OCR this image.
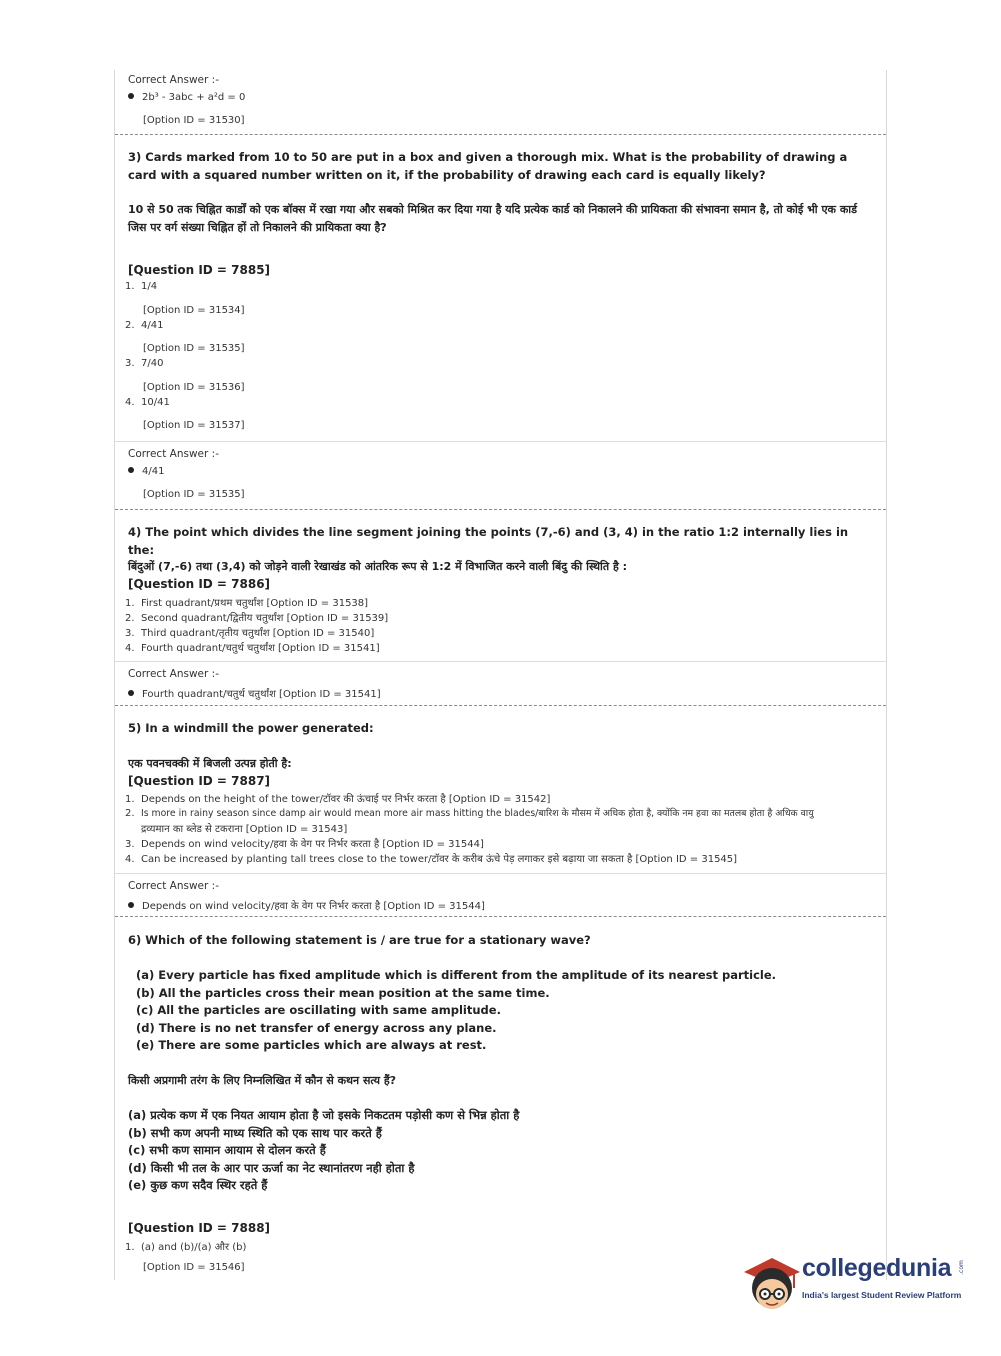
Correct Answer :-
2b³ - 3abc + a²d = 0
[Option ID = 31530]
3) Cards marked from 10 to 50 are put in a box and given a thorough mix. What is the probability of drawing a card with a squared number written on it, if the probability of drawing each card is equally likely?
10 से 50 तक चिह्नित कार्डों को एक बॉक्स में रखा गया और सबको मिश्रित कर दिया गया है यदि प्रत्येक कार्ड को निकालने की प्रायिकता की संभावना समान है, तो कोई भी एक कार्ड जिस पर वर्ग संख्या चिह्नित हों तो निकालने की प्रायिकता क्या है?
[Question ID = 7885]
1. 1/4
[Option ID = 31534]
2. 4/41
[Option ID = 31535]
3. 7/40
[Option ID = 31536]
4. 10/41
[Option ID = 31537]
Correct Answer :-
4/41
[Option ID = 31535]
4) The point which divides the line segment joining the points (7,-6) and (3, 4) in the ratio 1:2 internally lies in the:
बिंदुओं (7,-6) तथा (3,4) को जोड़ने वाली रेखाखंड को आंतरिक रूप से 1:2 में विभाजित करने वाली बिंदु की स्थिति है :
[Question ID = 7886]
1. First quadrant/प्रथम चतुर्थांश [Option ID = 31538]
2. Second quadrant/द्वितीय चतुर्थांश [Option ID = 31539]
3. Third quadrant/तृतीय चतुर्थांश [Option ID = 31540]
4. Fourth quadrant/चतुर्थ चतुर्थांश [Option ID = 31541]
Correct Answer :-
Fourth quadrant/चतुर्थ चतुर्थांश [Option ID = 31541]
5) In a windmill the power generated:
एक पवनचक्की में बिजली उत्पन्न होती है:
[Question ID = 7887]
1. Depends on the height of the tower/टॉवर की ऊंचाई पर निर्भर करता है [Option ID = 31542]
2. Is more in rainy season since damp air would mean more air mass hitting the blades/बारिश के मौसम में अधिक होता है, क्योंकि नम हवा का मतलब होता है अधिक वायु
द्रव्यमान का ब्लेड से टकराना [Option ID = 31543]
3. Depends on wind velocity/हवा के वेग पर निर्भर करता है [Option ID = 31544]
4. Can be increased by planting tall trees close to the tower/टॉवर के करीब ऊंचे पेड़ लगाकर इसे बढ़ाया जा सकता है [Option ID = 31545]
Correct Answer :-
Depends on wind velocity/हवा के वेग पर निर्भर करता है [Option ID = 31544]
6) Which of the following statement is / are true for a stationary wave?
(a) Every particle has fixed amplitude which is different from the amplitude of its nearest particle.
(b) All the particles cross their mean position at the same time.
(c) All the particles are oscillating with same amplitude.
(d) There is no net transfer of energy across any plane.
(e) There are some particles which are always at rest.
किसी अप्रगामी तरंग के लिए निम्नलिखित में कौन से कथन सत्य हैं?
(a) प्रत्येक कण में एक नियत आयाम होता है जो इसके निकटतम पड़ोसी कण से भिन्न होता है
(b) सभी कण अपनी माध्य स्थिति को एक साथ पार करते हैं
(c) सभी कण सामान आयाम से दोलन करते हैं
(d) किसी भी तल के आर पार ऊर्जा का नेट स्थानांतरण नही होता है
(e) कुछ कण सदैव स्थिर रहते हैं
[Question ID = 7888]
1. (a) and (b)/(a) और (b)
[Option ID = 31546]	collegedunia .com
India's largest Student Review Platform
